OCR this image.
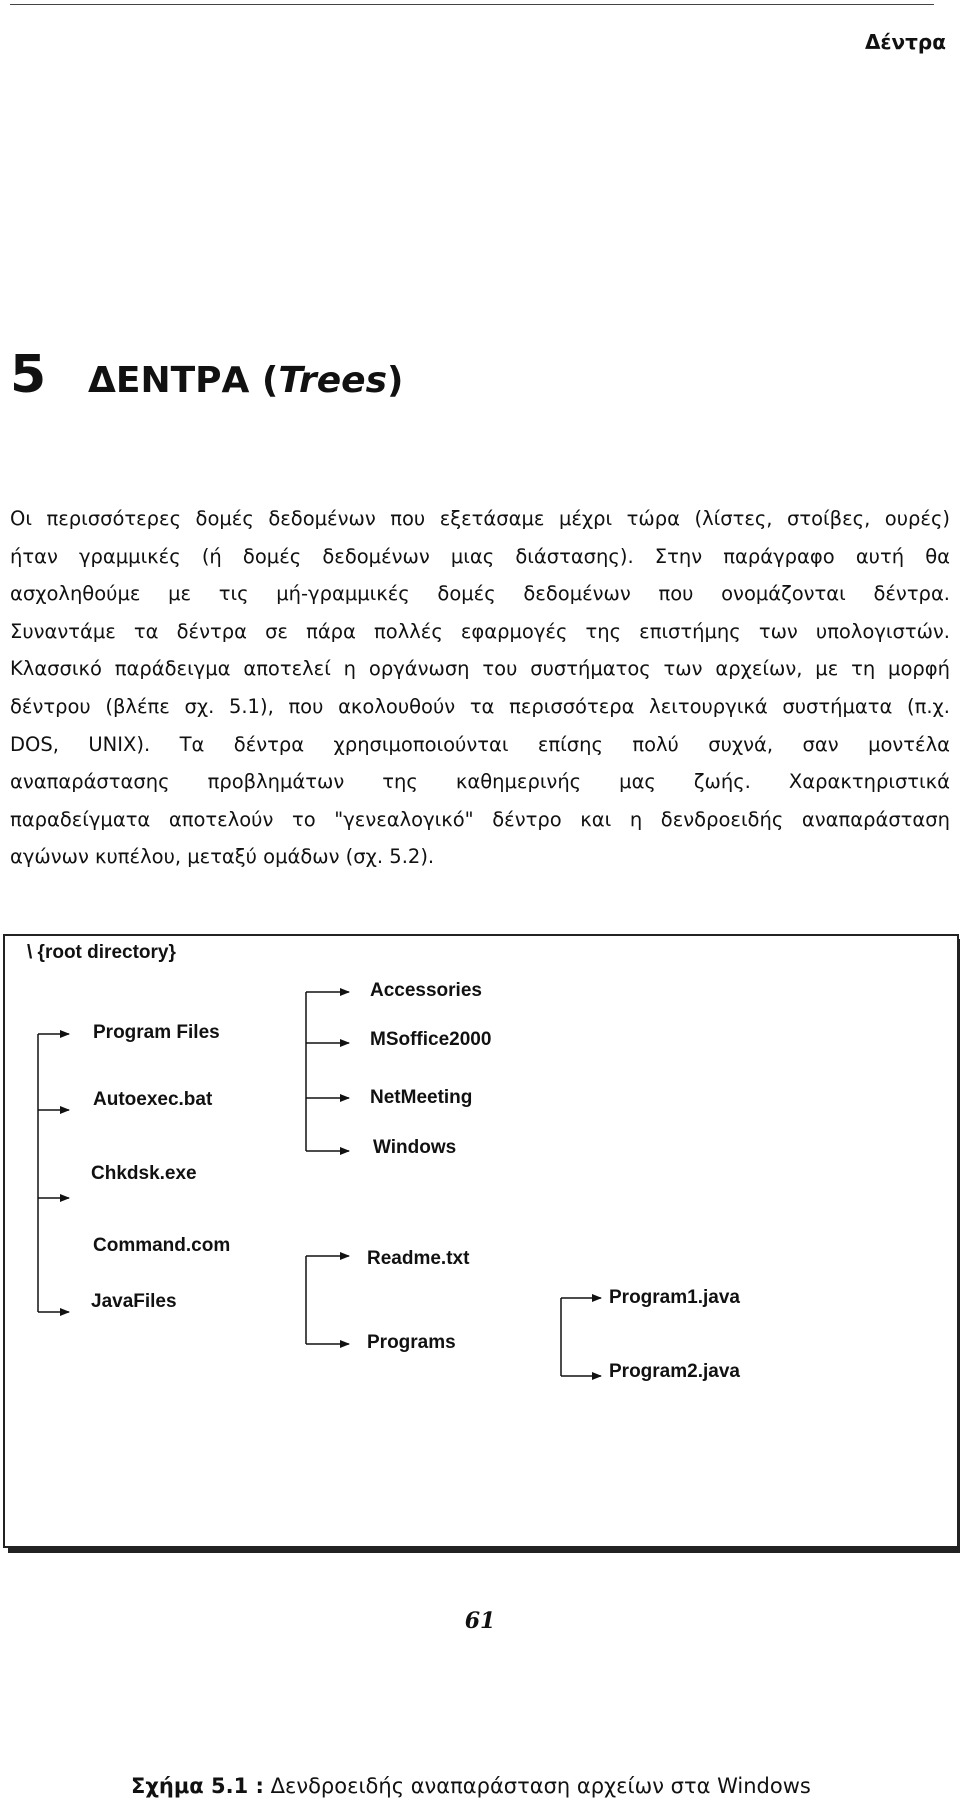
Δέντρα
5 ΔΕΝΤΡΑ (Trees)
Οι περισσότερες δομές δεδομένων που εξετάσαμε μέχρι τώρα (λίστες, στοίβες, ουρές)
ήταν γραμμικές (ή δομές δεδομένων μιας διάστασης). Στην παράγραφο αυτή θα
ασχοληθούμε με τις μή-γραμμικές δομές δεδομένων που ονομάζονται δέντρα.
Συναντάμε τα δέντρα σε πάρα πολλές εφαρμογές της επιστήμης των υπολογιστών.
Κλασσικό παράδειγμα αποτελεί η οργάνωση του συστήματος των αρχείων, με τη μορφή
δέντρου (βλέπε σχ. 5.1), που ακολουθούν τα περισσότερα λειτουργικά συστήματα (π.χ.
DOS, UNIX). Τα δέντρα χρησιμοποιούνται επίσης πολύ συχνά, σαν μοντέλα
αναπαράστασης προβλημάτων της καθημερινής μας ζωής. Χαρακτηριστικά
παραδείγματα αποτελούν το "γενεαλογικό" δέντρο και η δενδροειδής αναπαράσταση
αγώνων κυπέλου, μεταξύ ομάδων (σχ. 5.2).
\ {root directory}
Program Files
Autoexec.bat
Chkdsk.exe
Command.com
JavaFiles
Accessories
MSoffice2000
NetMeeting
Windows
Readme.txt
Programs
Program1.java
Program2.java
Σχήμα 5.1 : Δενδροειδής αναπαράσταση αρχείων στα Windows
61
